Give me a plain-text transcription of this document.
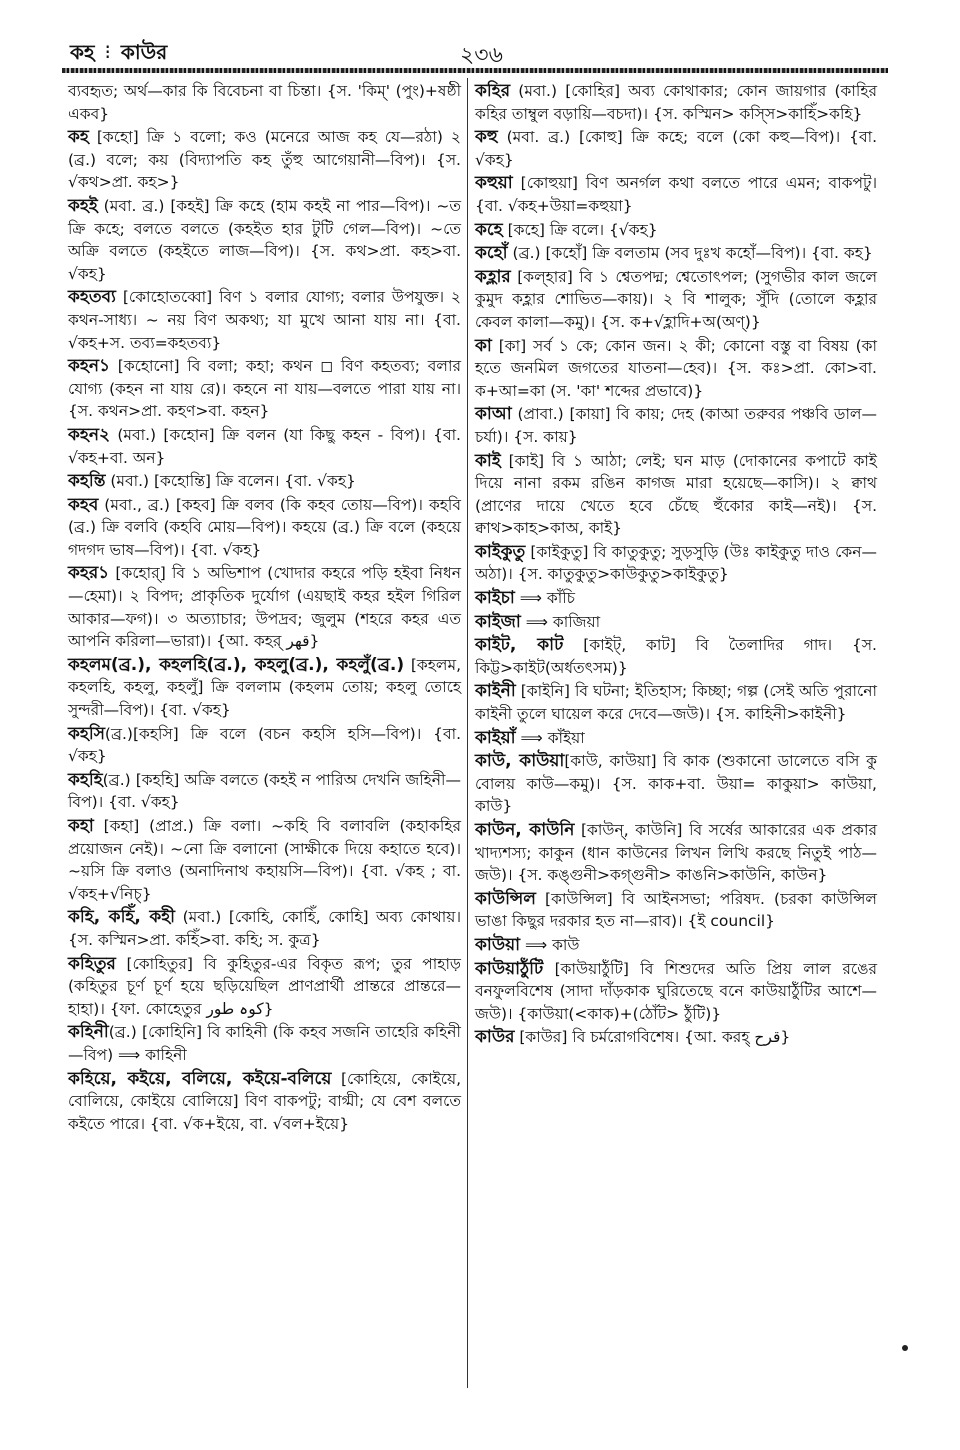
কহ ⁝ কাউর	২৩৬

ব্যবহৃত; অর্থ—কার কি বিবেচনা বা চিন্তা। {স. 'কিম্' (পুং)+ষষ্ঠী একব}

কহ [কহো] ক্রি ১ বলো; কও (মনেরে আজ কহ যে—রঠা) ২ (ব্র.) বলে; কয় (বিদ্যাপতি কহ তুঁহু আগেয়ানী—বিপ)। {স. √কথ>প্রা. কহ>}

কহই (মবা. ব্র.) [কহই] ক্রি কহে (হাম কহই না পার—বিপ)। ~ত ক্রি কহে; বলতে বলতে (কহইত হার টুটি গেল—বিপ)। ~তে অক্রি বলতে (কহইতে লাজ—বিপ)। {স. কথ>প্রা. কহ>বা. √কহ}

কহতব্য [কোহোতব্বো] বিণ ১ বলার যোগ্য; বলার উপযুক্ত। ২ কথন-সাধ্য। ~ নয় বিণ অকথ্য; যা মুখে আনা যায় না। {বা. √কহ+স. তব্য=কহতব্য}

কহন১ [কহোনো] বি বলা; কহা; কথন ◻ বিণ কহতব্য; বলার যোগ্য (কহন না যায় রে)। কহনে না যায়—বলতে পারা যায় না। {স. কথন>প্রা. কহণ>বা. কহন}

কহন২ (মবা.) [কহোন] ক্রি বলন (যা কিছু কহন - বিপ)। {বা. √কহ+বা. অন}

কহন্তি (মবা.) [কহোন্তি] ক্রি বলেন। {বা. √কহ}

কহব (মবা., ব্র.) [কহব] ক্রি বলব (কি কহব তোয়—বিপ)। কহবি (ব্র.) ক্রি বলবি (কহবি মোয়—বিপ)। কহয়ে (ব্র.) ক্রি বলে (কহয়ে গদগদ ভাষ—বিপ)। {বা. √কহ}

কহর১ [কহোর্] বি ১ অভিশাপ (খোদার কহরে পড়ি হইবা নিধন—হেমা)। ২ বিপদ; প্রাকৃতিক দুর্যোগ (এয়ছাই কহর হইল গিরিল আকার—ফগ)। ৩ অত্যাচার; উপদ্রব; জুলুম (শহরে কহর এত আপনি করিলা—ভারা)। {আ. কহর্ قهر}

কহলম(ব্র.), কহলহি(ব্র.), কহলু(ব্র.), কহলুঁ(ব্র.) [কহলম, কহলহি, কহলু, কহলুঁ] ক্রি বললাম (কহলম তোয়; কহলু তোহে সুন্দরী—বিপ)। {বা. √কহ}

কহসি(ব্র.)[কহসি] ক্রি বলে (বচন কহসি হসি—বিপ)। {বা. √কহ}

কহহি(ব্র.) [কহহি] অক্রি বলতে (কহই ন পারিঅ দেখনি জহিনী—বিপ)। {বা. √কহ}

কহা [কহা] (প্রাপ্র.) ক্রি বলা। ~কহি বি বলাবলি (কহাকহির প্রয়োজন নেই)। ~নো ক্রি বলানো (সাক্ষীকে দিয়ে কহাতে হবে)। ~য়সি ক্রি বলাও (অনাদিনাথ কহায়সি—বিপ)। {বা. √কহ ; বা. √কহ+√নিচ্}

কহি, কহিঁ, কহী (মবা.) [কোহি, কোহিঁ, কোহি] অব্য কোথায়। {স. কস্মিন>প্রা. কহিঁ>বা. কহি; স. কুত্র}

কহিতুর [কোহিতুর] বি কুহিতুর-এর বিকৃত রূপ; তুর পাহাড় (কহিতুর চূর্ণ চূর্ণ হয়ে ছড়িয়েছিল প্রাণপ্রার্থী প্রান্তরে প্রান্তরে—হাহা)। {ফা. কোহেতুর کوہ طور}

কহিনী(ব্র.) [কোহিনি] বি কাহিনী (কি কহব সজনি তাহেরি কহিনী—বিপ) ⟹ কাহিনী

কহিয়ে, কইয়ে, বলিয়ে, কইয়ে-বলিয়ে [কোহিয়ে, কোইয়ে, বোলিয়ে, কোইয়ে বোলিয়ে] বিণ বাকপটু; বাগ্মী; যে বেশ বলতে কইতে পারে। {বা. √ক+ইয়ে, বা. √বল+ইয়ে}

কহির (মবা.) [কোহির] অব্য কোথাকার; কোন জায়গার (কাহির কহির তাম্বুল বড়ায়ি—বচদা)। {স. কস্মিন> কস্সি>কাহিঁ>কহি}

কহু (মবা. ব্র.) [কোহু] ক্রি কহে; বলে (কো কহু—বিপ)। {বা. √কহ}

কহুয়া [কোহুয়া] বিণ অনর্গল কথা বলতে পারে এমন; বাকপটু। {বা. √কহ+উয়া=কহুয়া}

কহে [কহে] ক্রি বলে। {√কহ}

কহোঁ (ব্র.) [কহোঁ] ক্রি বলতাম (সব দুঃখ কহোঁ—বিপ)। {বা. কহ}

কহ্লার [কল্হার] বি ১ শ্বেতপদ্ম; শ্বেতোৎপল; (সুগভীর কাল জলে কুমুদ কহ্লার শোভিত—কায়)। ২ বি শালুক; সুঁদি (তোলে কহ্লার কেবল কালা—কমু)। {স. ক+√হ্লাদি+অ(অণ্)}

কা [কা] সর্ব ১ কে; কোন জন। ২ কী; কোনো বস্তু বা বিষয় (কা হতে জনমিল জগতের যাতনা—হেব)। {স. কঃ>প্রা. কো>বা. ক+আ=কা (স. 'কা' শব্দের প্রভাবে)}

কাআ (প্রাবা.) [কায়া] বি কায়; দেহ (কাআ তরুবর পঞ্চবি ডাল—চর্যা)। {স. কায়}

কাই [কাই] বি ১ আঠা; লেই; ঘন মাড় (দোকানের কপাটে কাই দিয়ে নানা রকম রঙিন কাগজ মারা হয়েছে—কাসি)। ২ ক্বাথ (প্রাণের দায়ে খেতে হবে চেঁছে হুঁকোর কাই—নই)। {স. ক্বাথ>কাহ>কাঅ, কাই}

কাইকুতু [কাইকুতু] বি কাতুকুতু; সুড়সুড়ি (উঃ কাইকুতু দাও কেন—অঠা)। {স. কাতুকুতু>কাউকুতু>কাইকুতু}

কাইচা ⟹ কাঁচি

কাইজা ⟹ কাজিয়া

কাইট, কাট [কাইট্, কাট] বি তৈলাদির গাদ। {স. কিট্ট>কাইট(অর্ধতৎসম)}

কাইনী [কাইনি] বি ঘটনা; ইতিহাস; কিচ্ছা; গল্প (সেই অতি পুরানো কাইনী তুলে ঘায়েল করে দেবে—জউ)। {স. কাহিনী>কাইনী}

কাইয়াঁ ⟹ কাঁইয়া

কাউ, কাউয়া[কাউ, কাউয়া] বি কাক (শুকানো ডালেতে বসি কু বোলয় কাউ—কমু)। {স. কাক+বা. উয়া= কাকুয়া> কাউয়া, কাউ}

কাউন, কাউনি [কাউন্, কাউনি] বি সর্ষের আকারের এক প্রকার খাদ্যশস্য; কাকুন (ধান কাউনের লিখন লিখি করছে নিতুই পাঠ—জউ)। {স. কঙ্গুনী>কগ্গুনী> কাঙনি>কাউনি, কাউন}

কাউন্সিল [কাউন্সিল] বি আইনসভা; পরিষদ. (চরকা কাউন্সিল ভাঙা কিছুর দরকার হত না—রাব)। {ই council}

কাউয়া ⟹ কাউ

কাউয়াঠুঁটি [কাউয়াঠুঁটি] বি শিশুদের অতি প্রিয় লাল রঙের বনফুলবিশেষ (সাদা দাঁড়কাক ঘুরিতেছে বনে কাউয়াঠুঁটির আশে—জউ)। {কাউয়া(<কাক)+(ঠোঁট> ঠুঁটি)}

কাউর [কাউর] বি চর্মরোগবিশেষ। {আ. করহ্ قرح}
